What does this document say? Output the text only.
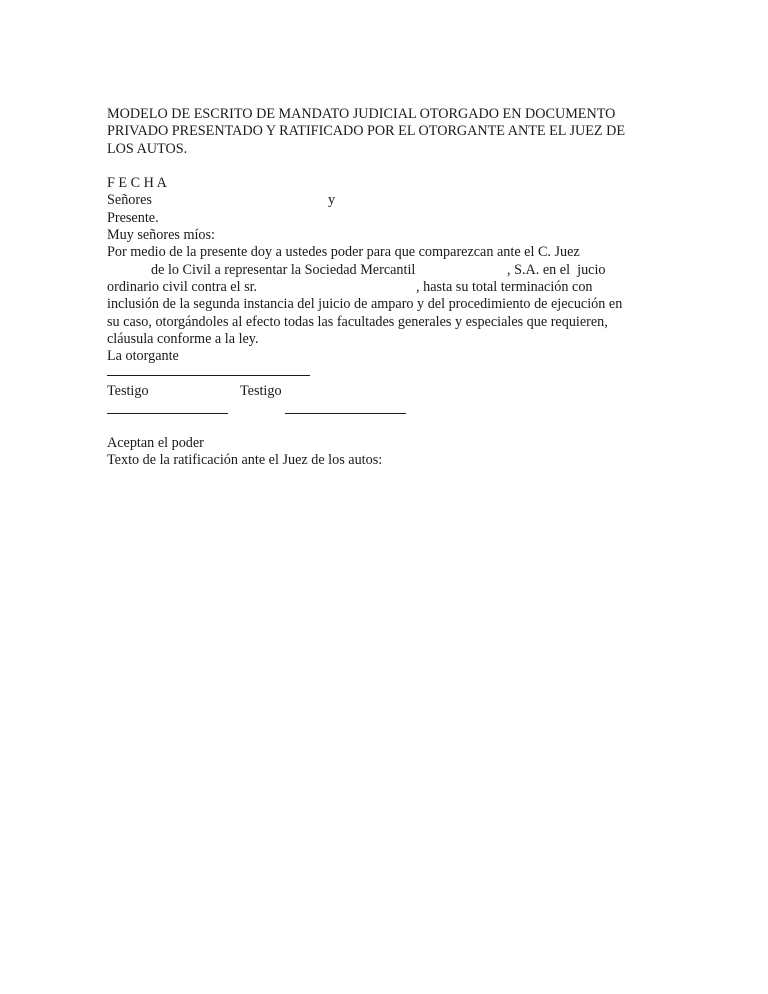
MODELO DE ESCRITO DE MANDATO JUDICIAL OTORGADO EN DOCUMENTO
PRIVADO PRESENTADO Y RATIFICADO POR EL OTORGANTE ANTE EL JUEZ DE
LOS AUTOS.
F E C H A
Señores	y
Presente.
Muy señores míos:
Por medio de la presente doy a ustedes poder para que comparezcan ante el C. Juez
de lo Civil a representar la Sociedad Mercantil	, S.A. en el  jucio
ordinario civil contra el sr.	, hasta su total terminación con
inclusión de la segunda instancia del juicio de amparo y del procedimiento de ejecución en
su caso, otorgándoles al efecto todas las facultades generales y especiales que requieren,
cláusula conforme a la ley.
La otorgante
Testigo	Testigo
Aceptan el poder
Texto de la ratificación ante el Juez de los autos:
